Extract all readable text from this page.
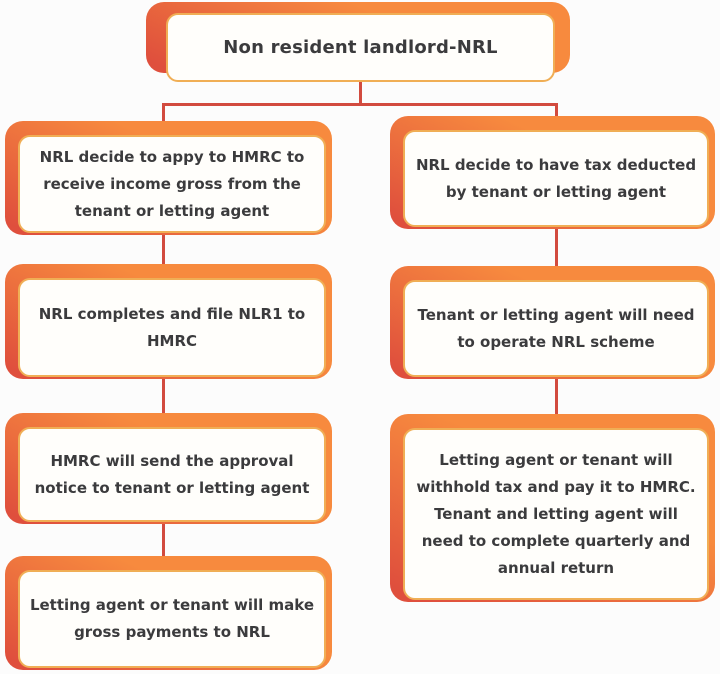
Non resident landlord-NRL
NRL decide to appy to HMRC to
receive income gross from the
tenant or letting agent
NRL completes and file NLR1 to
HMRC
HMRC will send the approval
notice to tenant or letting agent
Letting agent or tenant will make
gross payments to NRL
NRL decide to have tax deducted
by tenant or letting agent
Tenant or letting agent will need
to operate NRL scheme
Letting agent or tenant will
withhold tax and pay it to HMRC.
Tenant and letting agent will
need to complete quarterly and
annual return
